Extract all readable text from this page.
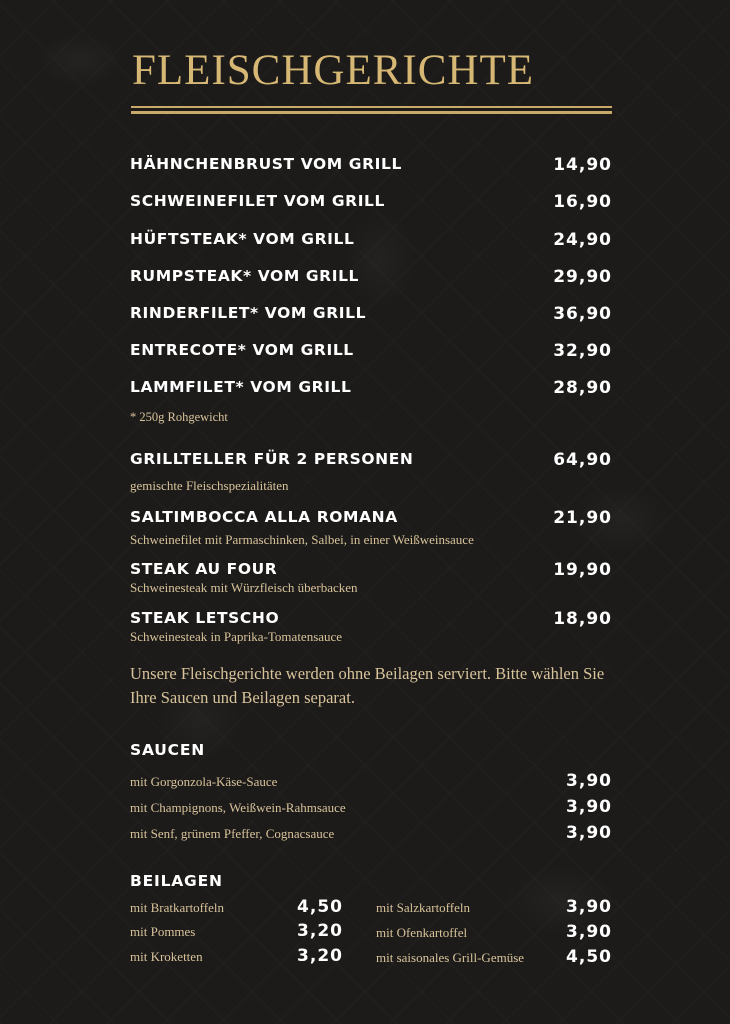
FLEISCHGERICHTE
HÄHNCHENBRUST VOM GRILL	14,90
SCHWEINEFILET VOM GRILL	16,90
HÜFTSTEAK* VOM GRILL	24,90
RUMPSTEAK* VOM GRILL	29,90
RINDERFILET* VOM GRILL	36,90
ENTRECOTE* VOM GRILL	32,90
LAMMFILET* VOM GRILL	28,90
* 250g Rohgewicht
GRILLTELLER FÜR 2 PERSONEN	64,90
gemischte Fleischspezialitäten
SALTIMBOCCA ALLA ROMANA	21,90
Schweinefilet mit Parmaschinken, Salbei, in einer Weißweinsauce
STEAK AU FOUR	19,90
Schweinesteak mit Würzfleisch überbacken
STEAK LETSCHO	18,90
Schweinesteak in Paprika-Tomatensauce
Unsere Fleischgerichte werden ohne Beilagen serviert. Bitte wählen Sie Ihre Saucen und Beilagen separat.
SAUCEN
mit Gorgonzola-Käse-Sauce	3,90
mit Champignons, Weißwein-Rahmsauce	3,90
mit Senf, grünem Pfeffer, Cognacsauce	3,90
BEILAGEN
mit Bratkartoffeln	4,50
mit Pommes	3,20
mit Kroketten	3,20
mit Salzkartoffeln	3,90
mit Ofenkartoffel	3,90
mit saisonales Grill-Gemüse 4,50
